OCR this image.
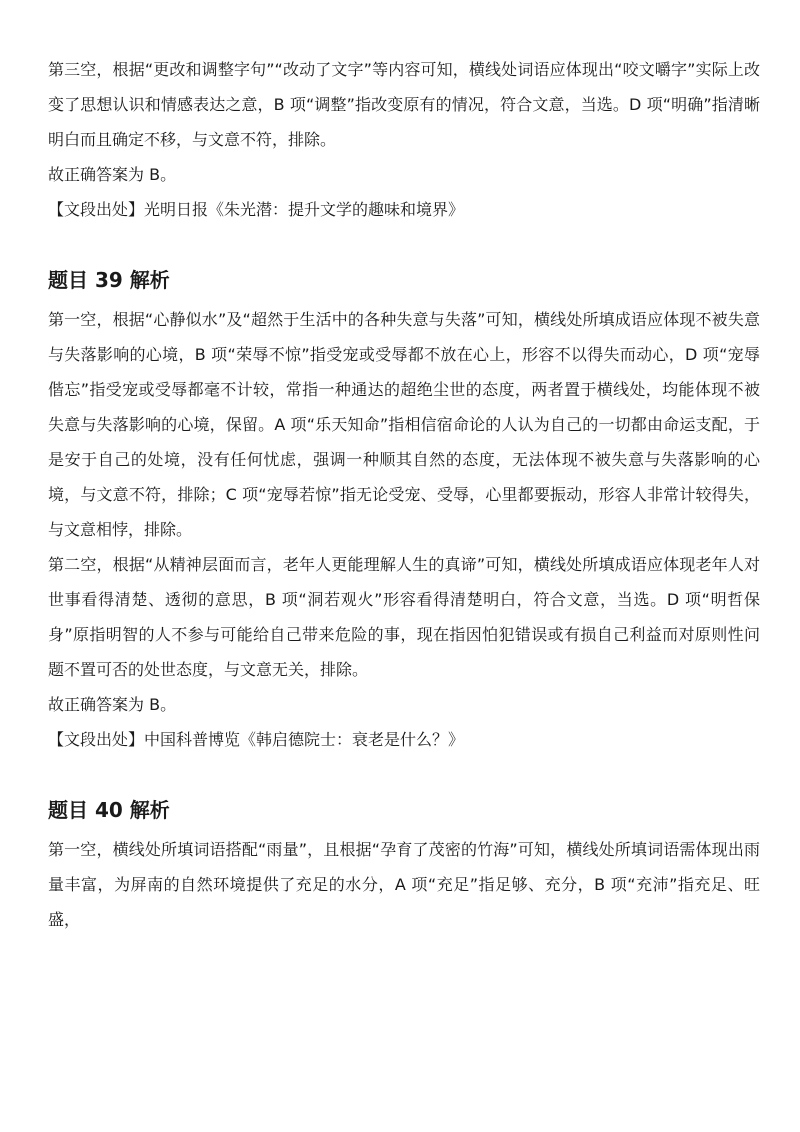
第三空，根据“更改和调整字句”“改动了文字”等内容可知，横线处词语应体现出“咬文嚼字”实际上改变了思想认识和情感表达之意，B 项“调整”指改变原有的情况，符合文意，当选。D 项“明确”指清晰明白而且确定不移，与文意不符，排除。

故正确答案为 B。

【文段出处】光明日报《朱光潜：提升文学的趣味和境界》

题目 39 解析

第一空，根据“心静似水”及“超然于生活中的各种失意与失落”可知，横线处所填成语应体现不被失意与失落影响的心境，B 项“荣辱不惊”指受宠或受辱都不放在心上，形容不以得失而动心，D 项“宠辱偕忘”指受宠或受辱都毫不计较，常指一种通达的超绝尘世的态度，两者置于横线处，均能体现不被失意与失落影响的心境，保留。A 项“乐天知命”指相信宿命论的人认为自己的一切都由命运支配，于是安于自己的处境，没有任何忧虑，强调一种顺其自然的态度，无法体现不被失意与失落影响的心境，与文意不符，排除；C 项“宠辱若惊”指无论受宠、受辱，心里都要振动，形容人非常计较得失，与文意相悖，排除。

第二空，根据“从精神层面而言，老年人更能理解人生的真谛”可知，横线处所填成语应体现老年人对世事看得清楚、透彻的意思，B 项“洞若观火”形容看得清楚明白，符合文意，当选。D 项“明哲保身”原指明智的人不参与可能给自己带来危险的事，现在指因怕犯错误或有损自己利益而对原则性问题不置可否的处世态度，与文意无关，排除。

故正确答案为 B。

【文段出处】中国科普博览《韩启德院士：衰老是什么？》

题目 40 解析

第一空，横线处所填词语搭配“雨量”，且根据“孕育了茂密的竹海”可知，横线处所填词语需体现出雨量丰富，为屏南的自然环境提供了充足的水分，A 项“充足”指足够、充分，B 项“充沛”指充足、旺盛，
